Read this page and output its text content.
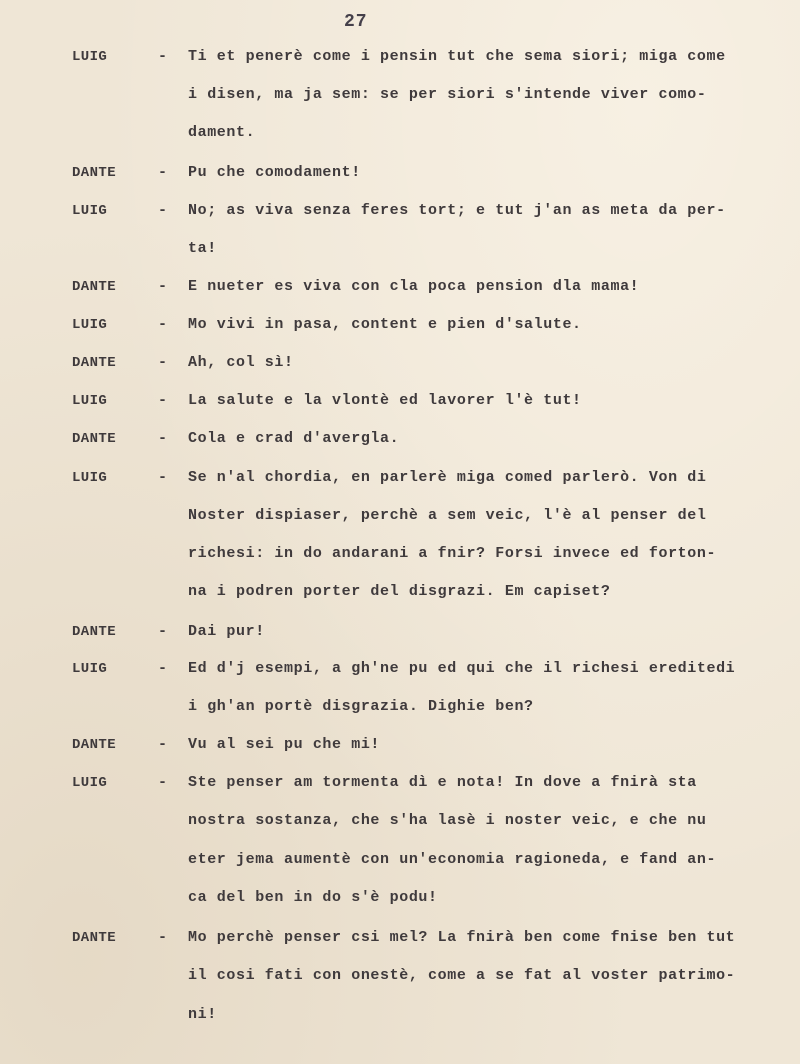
27
LUIG	- Ti et penerè come i pensin tut che sema siori; miga come
i disen, ma ja sem: se per siori s'intende viver como-
dament.
DANTE	- Pu che comodament!
LUIG	- No; as viva senza feres tort; e tut j'an as meta da per-
ta!
DANTE	- E nueter es viva con cla poca pension dla mama!
LUIG	- Mo vivi in pasa, content e pien d'salute.
DANTE	- Ah, col sì!
LUIG	- La salute e la vlontè ed lavorer l'è tut!
DANTE	- Cola e crad d'avergla.
LUIG	- Se n'al chordia, en parlerè miga comed parlerò. Von di
Noster dispiaser, perchè a sem veic, l'è al penser del
richesi: in do andarani a fnir? Forsi invece ed forton-
na i podren porter del disgrazi. Em capiset?
DANTE	- Dai pur!
LUIG	- Ed d'j esempi, a gh'ne pu ed qui che il richesi ereditedi
i gh'an portè disgrazia. Dighie ben?
DANTE	- Vu al sei pu che mi!
LUIG	- Ste penser am tormenta dì e nota! In dove a fnirà sta
nostra sostanza, che s'ha lasè i noster veic, e che nu
eter jema aumentè con un'economia ragioneda, e fand an-
ca del ben in do s'è podu!
DANTE	- Mo perchè penser csi mel? La fnirà ben come fnise ben tut
il cosi fati con onestè, come a se fat al voster patrimo-
ni!
